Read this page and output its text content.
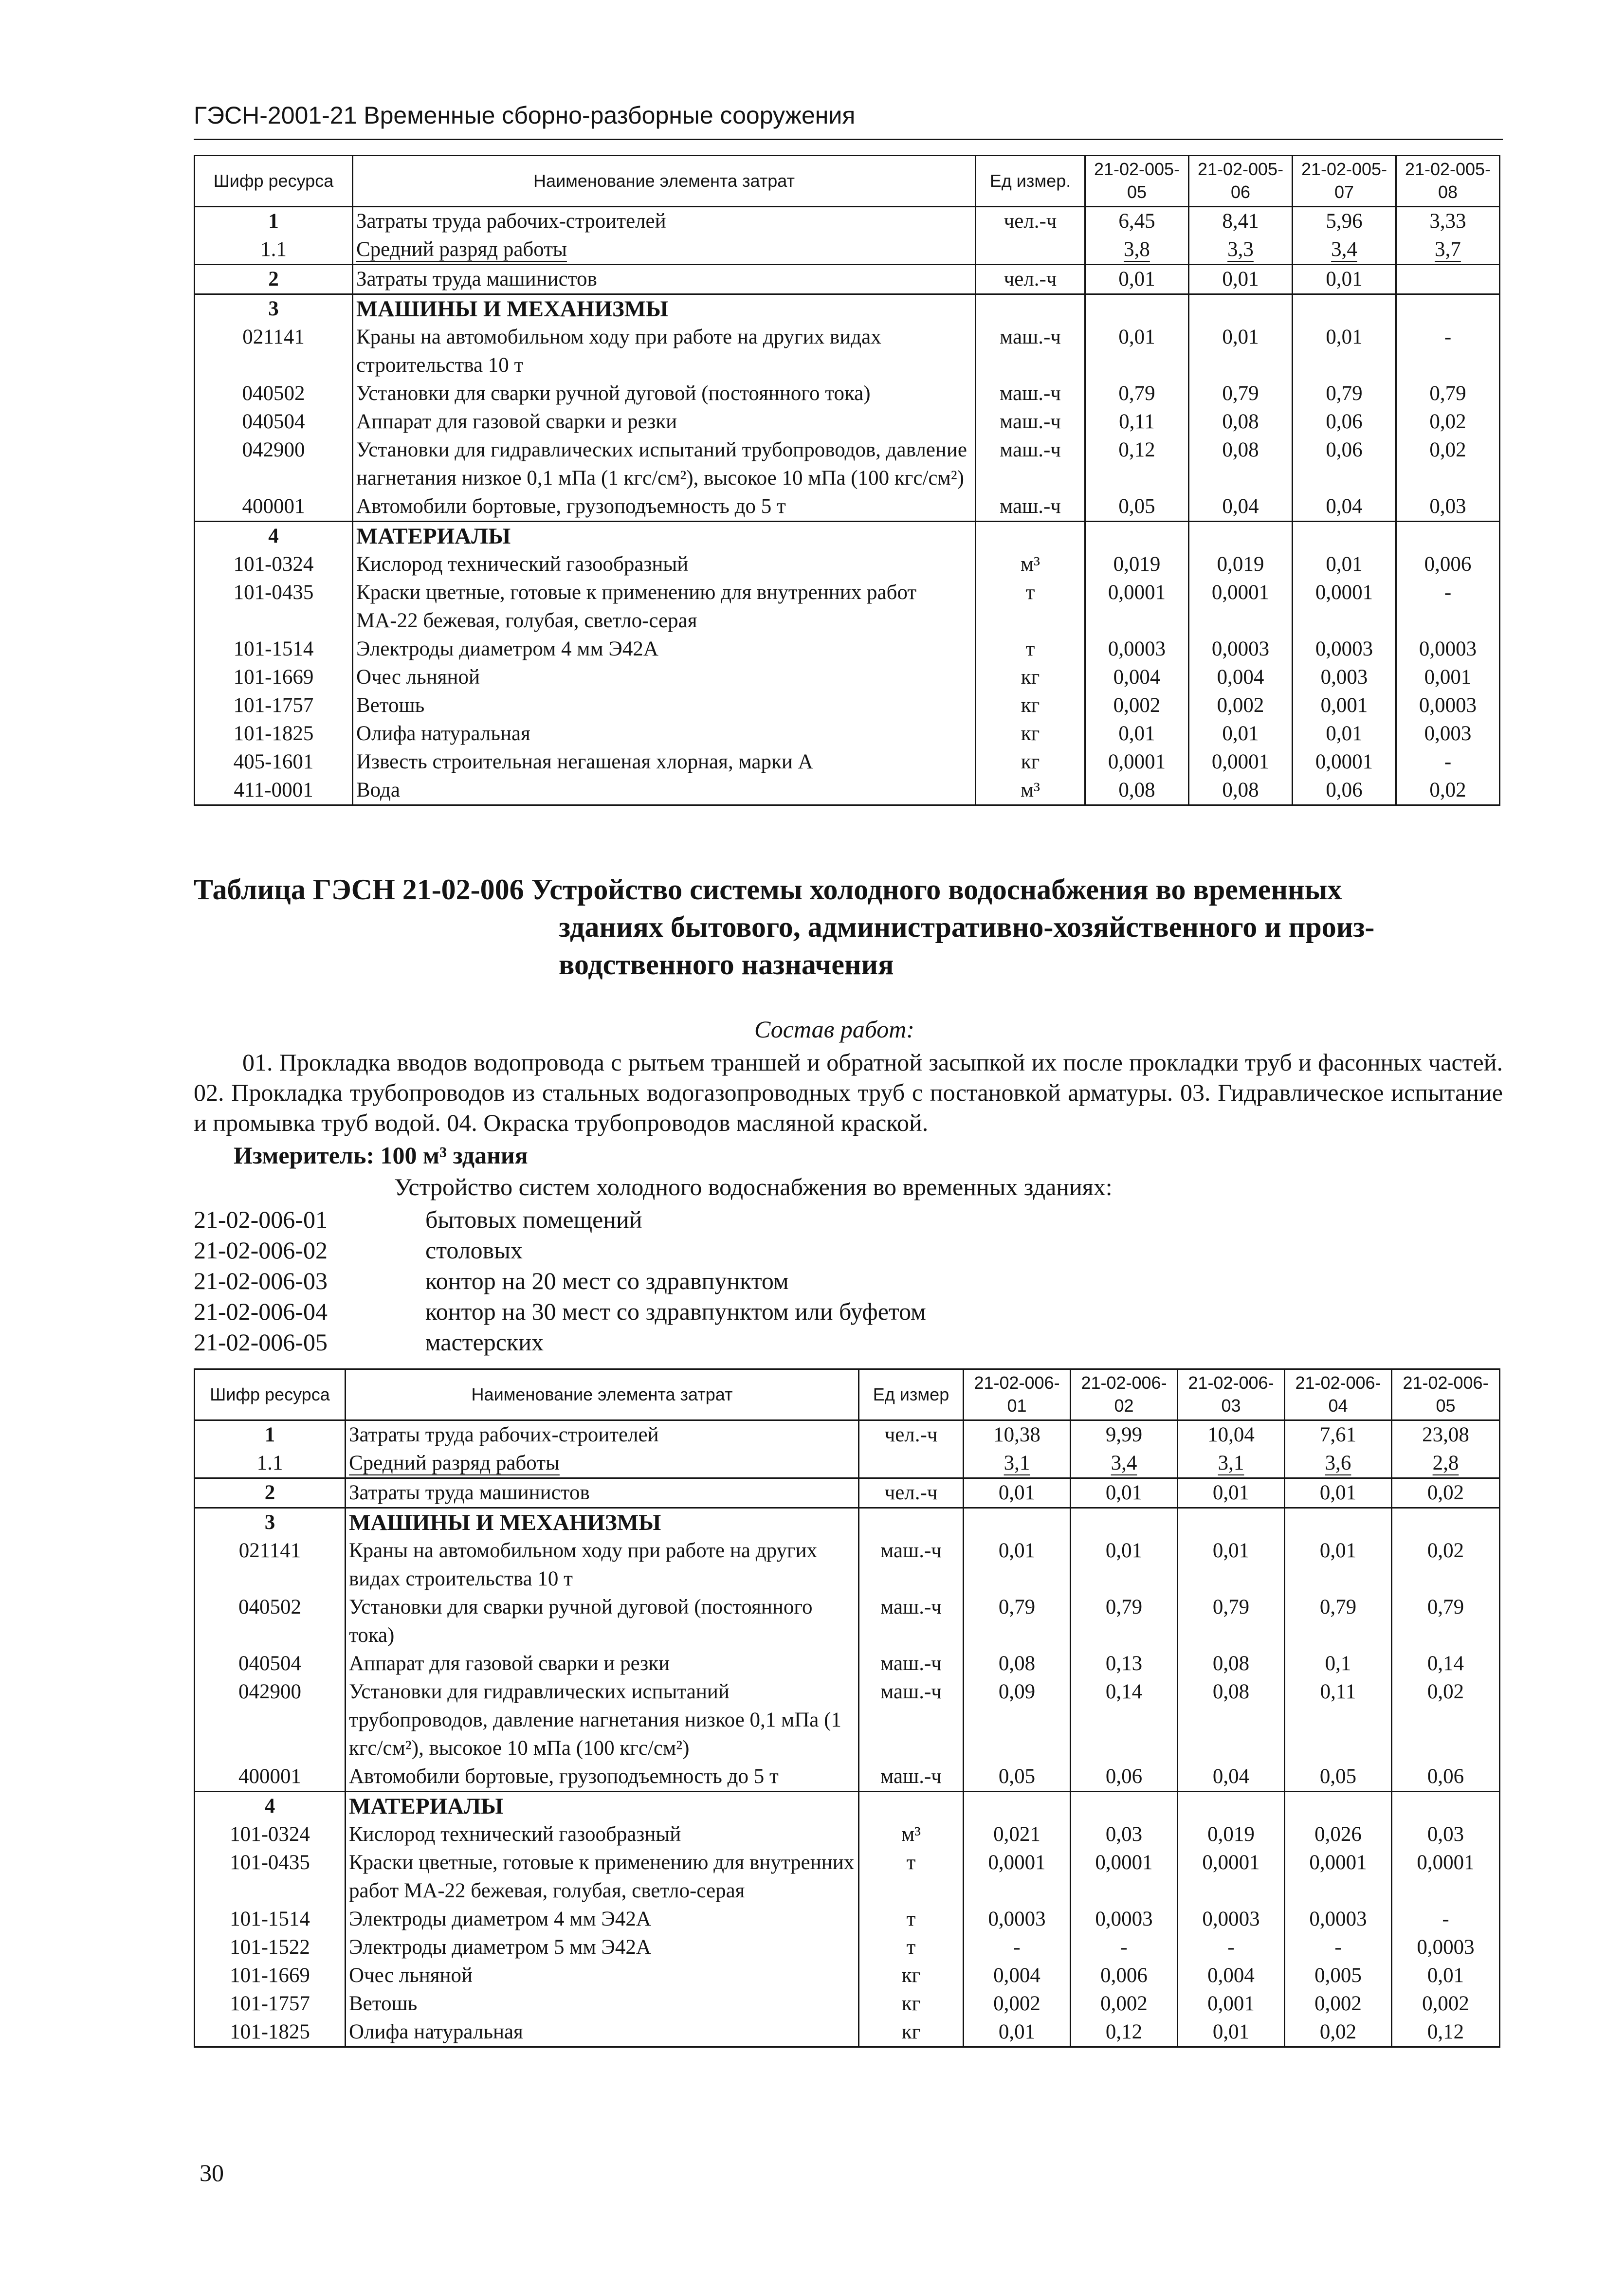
ГЭСН-2001-21 Временные сборно-разборные сооружения
Шифр ресурса	Наименование элемента затрат	Ед измер.	21-02-005-05	21-02-005-06	21-02-005-07	21-02-005-08
1	Затраты труда рабочих-строителей	чел.-ч	6,45	8,41	5,96	3,33
1.1	Средний разряд работы		3,8	3,3	3,4	3,7
2	Затраты труда машинистов	чел.-ч	0,01	0,01	0,01	
3	МАШИНЫ И МЕХАНИЗМЫ					
021141	Краны на автомобильном ходу при работе на других видах строительства 10 т	маш.-ч	0,01	0,01	0,01	-
040502	Установки для сварки ручной дуговой (постоянного тока)	маш.-ч	0,79	0,79	0,79	0,79
040504	Аппарат для газовой сварки и резки	маш.-ч	0,11	0,08	0,06	0,02
042900	Установки для гидравлических испытаний трубопроводов, давление нагнетания низкое 0,1 мПа (1 кгс/см²), высокое 10 мПа (100 кгс/см²)	маш.-ч	0,12	0,08	0,06	0,02
400001	Автомобили бортовые, грузоподъемность до 5 т	маш.-ч	0,05	0,04	0,04	0,03
4	МАТЕРИАЛЫ					
101-0324	Кислород технический газообразный	м³	0,019	0,019	0,01	0,006
101-0435	Краски цветные, готовые к применению для внутренних работ МА-22 бежевая, голубая, светло-серая	т	0,0001	0,0001	0,0001	-
101-1514	Электроды диаметром 4 мм Э42А	т	0,0003	0,0003	0,0003	0,0003
101-1669	Очес льняной	кг	0,004	0,004	0,003	0,001
101-1757	Ветошь	кг	0,002	0,002	0,001	0,0003
101-1825	Олифа натуральная	кг	0,01	0,01	0,01	0,003
405-1601	Известь строительная негашеная хлорная, марки А	кг	0,0001	0,0001	0,0001	-
411-0001	Вода	м³	0,08	0,08	0,06	0,02
Таблица ГЭСН 21-02-006 Устройство системы холодного водоснабжения во временных
зданиях бытового, административно-хозяйственного и произ-
водственного назначения
Состав работ:
01. Прокладка вводов водопровода с рытьем траншей и обратной засыпкой их после прокладки труб и фасонных частей. 02. Прокладка трубопроводов из стальных водогазопроводных труб с постановкой арматуры. 03. Гидравлическое испытание и промывка труб водой. 04. Окраска трубопроводов масляной краской.
Измеритель: 100 м³ здания
Устройство систем холодного водоснабжения во временных зданиях:
21-02-006-01	бытовых помещений
21-02-006-02	столовых
21-02-006-03	контор на 20 мест со здравпунктом
21-02-006-04	контор на 30 мест со здравпунктом или буфетом
21-02-006-05	мастерских
Шифр ресурса	Наименование элемента затрат	Ед измер	21-02-006-01	21-02-006-02	21-02-006-03	21-02-006-04	21-02-006-05
1	Затраты труда рабочих-строителей	чел.-ч	10,38	9,99	10,04	7,61	23,08
1.1	Средний разряд работы		3,1	3,4	3,1	3,6	2,8
2	Затраты труда машинистов	чел.-ч	0,01	0,01	0,01	0,01	0,02
3	МАШИНЫ И МЕХАНИЗМЫ						
021141	Краны на автомобильном ходу при работе на других видах строительства 10 т	маш.-ч	0,01	0,01	0,01	0,01	0,02
040502	Установки для сварки ручной дуговой (постоянного тока)	маш.-ч	0,79	0,79	0,79	0,79	0,79
040504	Аппарат для газовой сварки и резки	маш.-ч	0,08	0,13	0,08	0,1	0,14
042900	Установки для гидравлических испытаний трубопроводов, давление нагнетания низкое 0,1 мПа (1 кгс/см²), высокое 10 мПа (100 кгс/см²)	маш.-ч	0,09	0,14	0,08	0,11	0,02
400001	Автомобили бортовые, грузоподъемность до 5 т	маш.-ч	0,05	0,06	0,04	0,05	0,06
4	МАТЕРИАЛЫ						
101-0324	Кислород технический газообразный	м³	0,021	0,03	0,019	0,026	0,03
101-0435	Краски цветные, готовые к применению для внутренних работ МА-22 бежевая, голубая, светло-серая	т	0,0001	0,0001	0,0001	0,0001	0,0001
101-1514	Электроды диаметром 4 мм Э42А	т	0,0003	0,0003	0,0003	0,0003	-
101-1522	Электроды диаметром 5 мм Э42А	т	-	-	-	-	0,0003
101-1669	Очес льняной	кг	0,004	0,006	0,004	0,005	0,01
101-1757	Ветошь	кг	0,002	0,002	0,001	0,002	0,002
101-1825	Олифа натуральная	кг	0,01	0,12	0,01	0,02	0,12
30
